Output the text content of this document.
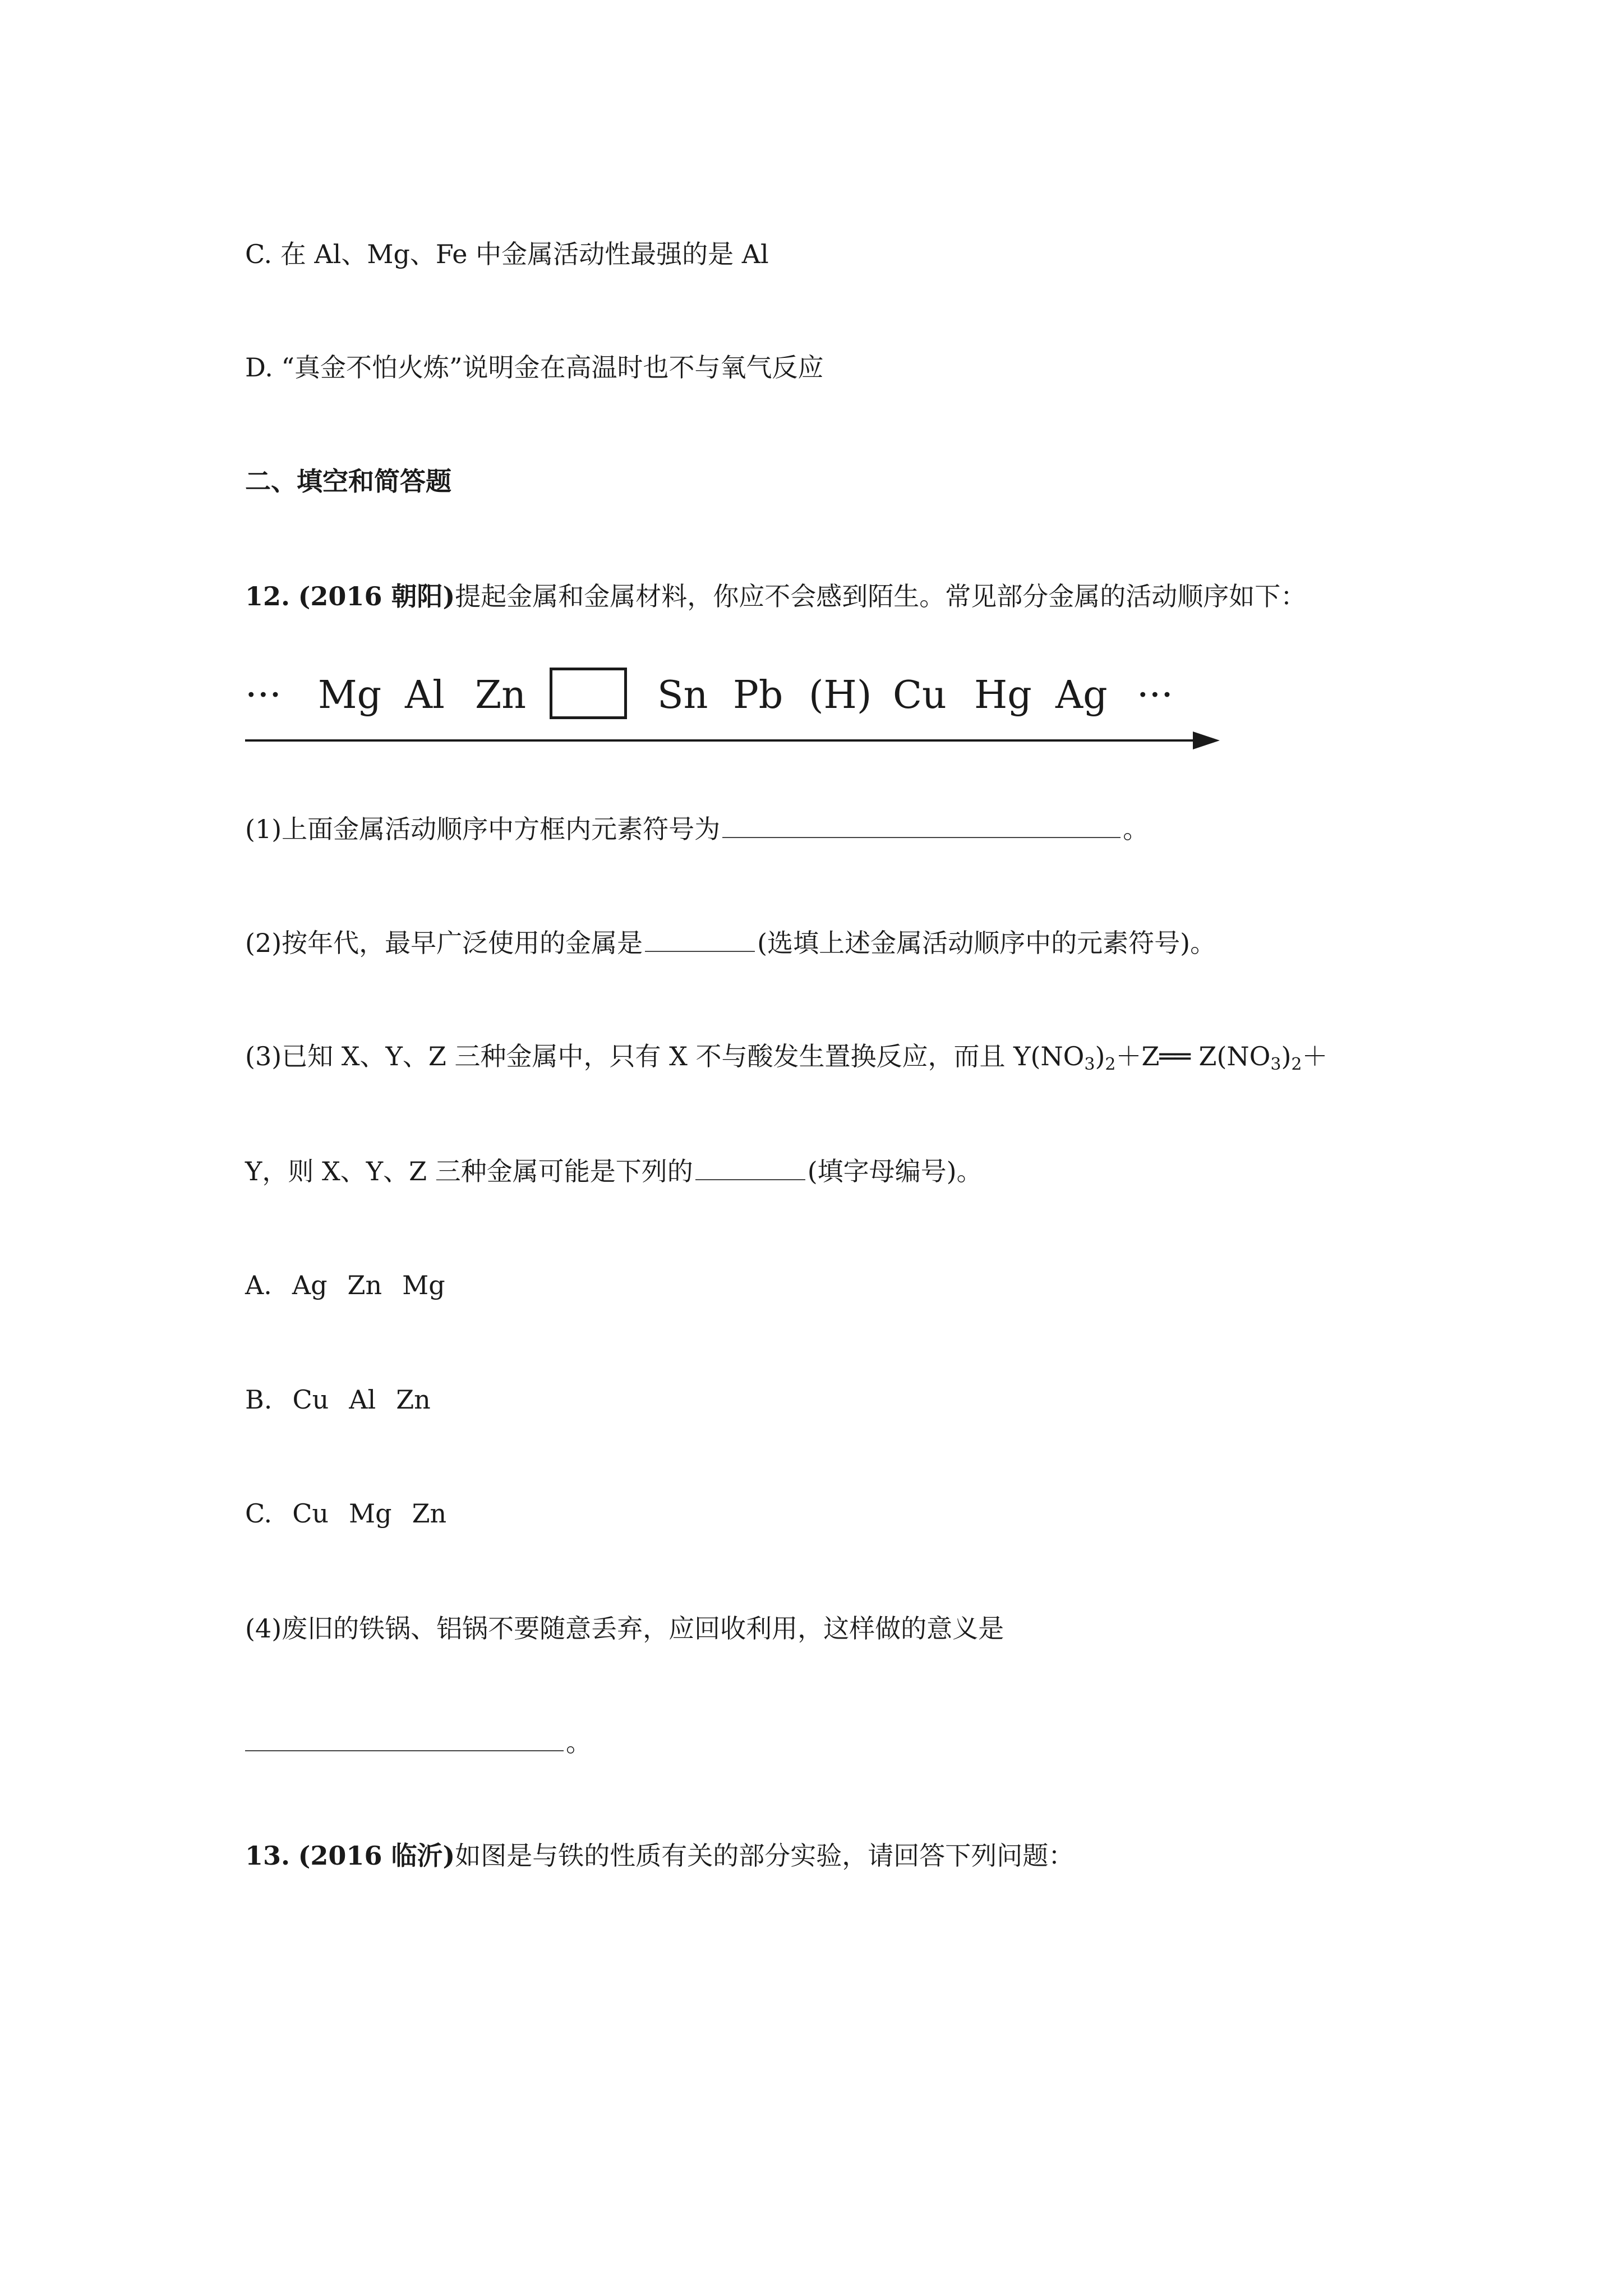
C. 在 Al、Mg、Fe 中金属活动性最强的是 Al
D. “真金不怕火炼”说明金在高温时也不与氧气反应
二、填空和简答题
12. (2016 朝阳)提起金属和金属材料，你应不会感到陌生。常见部分金属的活动顺序如下：
··· Mg Al Zn	Sn Pb (H) Cu Hg Ag ···
(1)上面金属活动顺序中方框内元素符号为	。
(2)按年代，最早广泛使用的金属是	(选填上述金属活动顺序中的元素符号)。
(3)已知 X、Y、Z 三种金属中，只有 X 不与酸发生置换反应，而且 $Y(NO_3)_2+Z══$ $Z(NO_3)_2+$
Y，则 X、Y、Z 三种金属可能是下列的	(填字母编号)。
A. Ag Zn Mg
B. Cu Al Zn
C. Cu Mg Zn
(4)废旧的铁锅、铝锅不要随意丢弃，应回收利用，这样做的意义是
。
13. (2016 临沂)如图是与铁的性质有关的部分实验，请回答下列问题：
